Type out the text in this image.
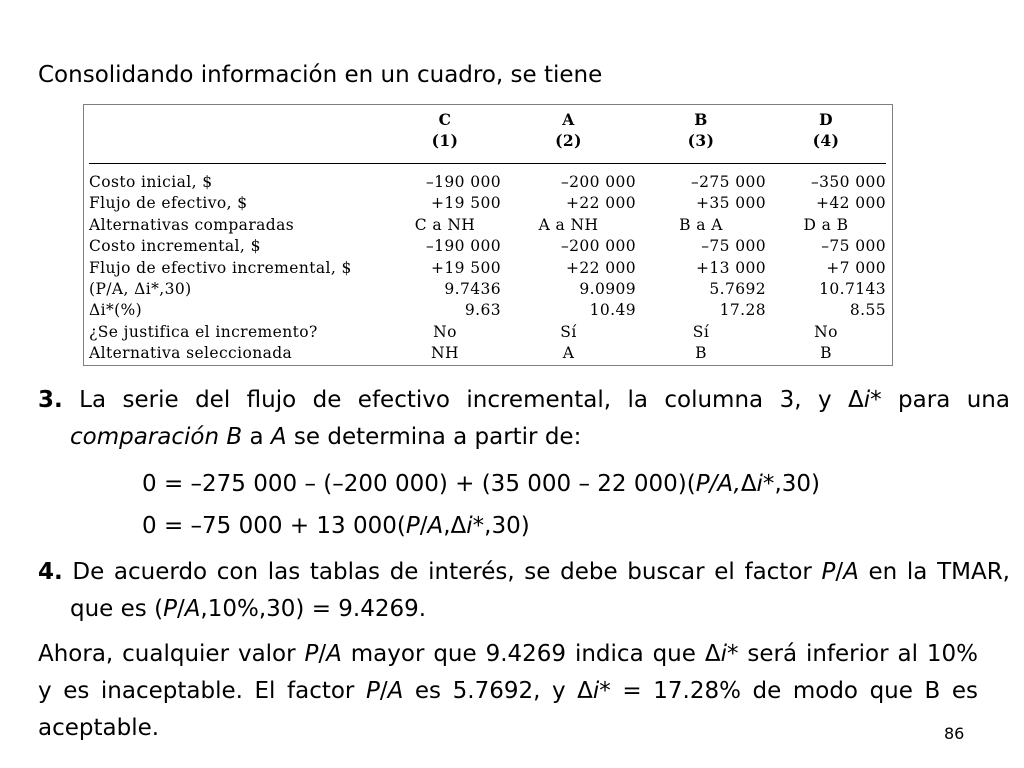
Consolidando información en un cuadro, se tiene
	C	A	B	D
	(1)	(2)	(3)	(4)

Costo inicial, $	–190 000	–200 000	–275 000	–350 000
Flujo de efectivo, $	+19 500	+22 000	+35 000	+42 000
Alternativas comparadas	C a NH	A a NH	B a A	D a B
Costo incremental, $	–190 000	–200 000	–75 000	–75 000
Flujo de efectivo incremental, $	+19 500	+22 000	+13 000	+7 000
(P/A, Δi*,30)	9.7436	9.0909	5.7692	10.7143
Δi*(%)	9.63	10.49	17.28	8.55
¿Se justifica el incremento?	No	Sí	Sí	No
Alternativa seleccionada	NH	A	B	B
3. La serie del flujo de efectivo incremental, la columna 3, y Δi* para una comparación B a A se determina a partir de:
0 = –275 000 – (–200 000) + (35 000 – 22 000)(P/A,Δi*,30)
0 = –75 000 + 13 000(P/A,Δi*,30)
4. De acuerdo con las tablas de interés, se debe buscar el factor P/A en la TMAR, que es (P/A,10%,30) = 9.4269.
Ahora, cualquier valor P/A mayor que 9.4269 indica que Δi* será inferior al 10% y es inaceptable. El factor P/A es 5.7692, y Δi* = 17.28% de modo que B es aceptable.	86
